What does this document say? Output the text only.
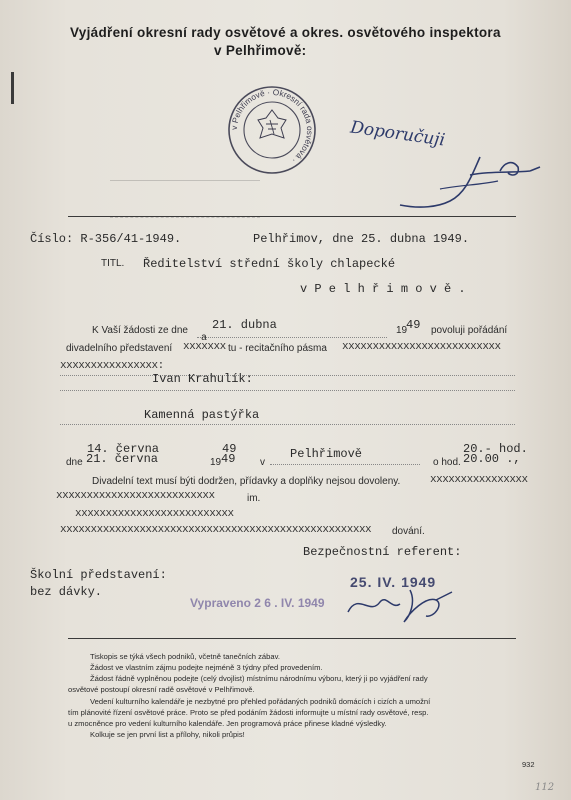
Vyjádření okresní rady osvětové a okres. osvětového inspektora
v Pelhřimově:
v Pelhřimově · Okresní rada osvětová ·
Doporučuji
Číslo: R-356/41-1949.	Pelhřimov, dne 25. dubna 1949.
TITL. Ředitelství střední školy chlapecké
v P e l h ř i m o v ě .
K Vaší žádosti ze dne 21. dubna	19
49 povoluji pořádání
divadelního představení
a
xxxxxxx tu - recitačního pásma xxxxxxxxxxxxxxxxxxxxxxxxxx
xxxxxxxxxxxxxxxx:
Ivan Krahulík:
Kamenná pastýřka
14. června	49
dne 21. června	19 49 v
Pelhřimově	20.- hod.
o hod. 20.00 .,
Divadelní text musí býti dodržen, přídavky a doplňky nejsou dovoleny.	xxxxxxxxxxxxxxxx
xxxxxxxxxxxxxxxxxxxxxxxxxx	im.
xxxxxxxxxxxxxxxxxxxxxxxxxx
xxxxxxxxxxxxxxxxxxxxxxxxxxxxxxxxxxxxxxxxxxxxxxxxxxx dování.
Bezpečnostní referent:
Školní představení:
bez dávky.
25. IV. 1949
Vypraveno 2 6 . IV. 1949
Tiskopis se týká všech podniků, včetně tanečních zábav.
Žádost ve vlastním zájmu podejte nejméně 3 týdny před provedením.
Žádost řádně vyplněnou podejte (celý dvojlist) místnímu národnímu výboru, který ji po vyjádření rady
osvětové postoupí okresní radě osvětové v Pelhřimově.
Vedení kulturního kalendáře je nezbytné pro přehled pořádaných podniků domácích i cizích a umožní
tím plánovité řízení osvětové práce. Proto se před podáním žádosti informujte u místní rady osvětové, resp.
u zmocněnce pro vedení kulturního kalendáře. Jen programová práce přinese kladné výsledky.
Kolkuje se jen první list a přílohy, nikoli průpis!
932
112
